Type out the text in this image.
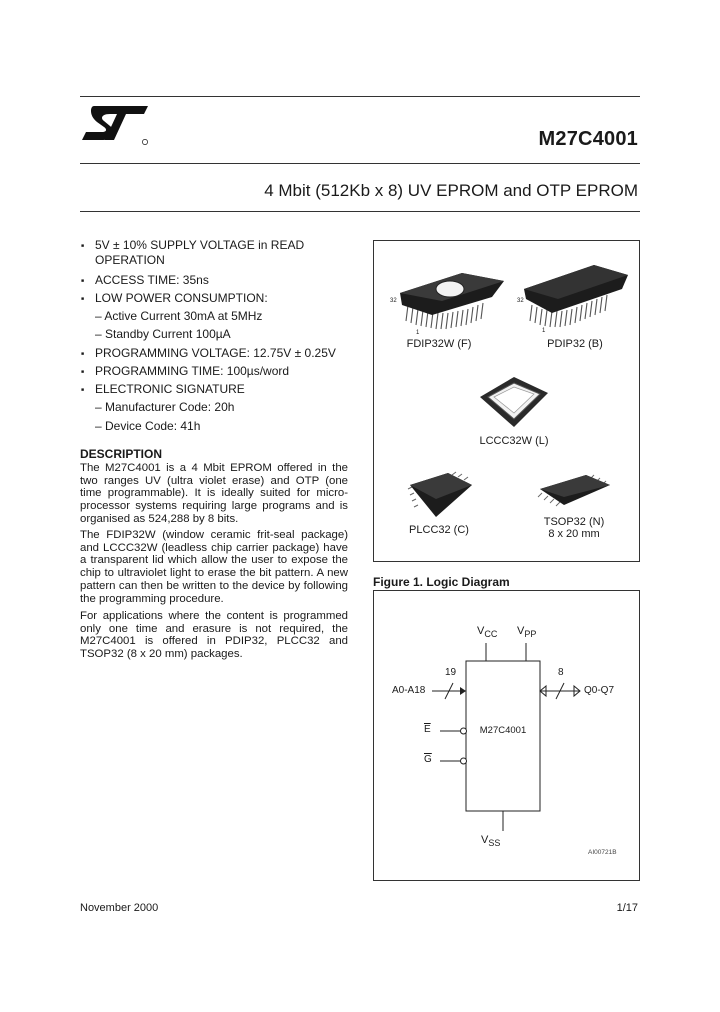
M27C4001
4 Mbit (512Kb x 8) UV EPROM and OTP EPROM
■ 5V ± 10% SUPPLY VOLTAGE in READ
OPERATION
■ ACCESS TIME: 35ns
■ LOW POWER CONSUMPTION:
– Active Current 30mA at 5MHz
– Standby Current 100µA
■ PROGRAMMING VOLTAGE: 12.75V ± 0.25V
■ PROGRAMMING TIME: 100µs/word
■ ELECTRONIC SIGNATURE
– Manufacturer Code: 20h
– Device Code: 41h
DESCRIPTION
The M27C4001 is a 4 Mbit EPROM offered in the two ranges UV (ultra violet erase) and OTP (one time programmable). It is ideally suited for micro-processor systems requiring large programs and is organised as 524,288 by 8 bits.
The FDIP32W (window ceramic frit-seal package) and LCCC32W (leadless chip carrier package) have a transparent lid which allow the user to expose the chip to ultraviolet light to erase the bit pattern. A new pattern can then be written to the device by following the programming procedure.
For applications where the content is programmed only one time and erasure is not required, the M27C4001 is offered in PDIP32, PLCC32 and TSOP32 (8 x 20 mm) packages.
32
1
FDIP32W (F)
32
1
PDIP32 (B)
LCCC32W (L)
PLCC32 (C)
TSOP32 (N)
8 x 20 mm
Figure 1. Logic Diagram
$V_{CC}$ $V_{PP}$
$V_{SS}$
19
A0-A18
8
Q0-Q7
$\overline{E}$
$\overline{G}$
M27C4001
AI00721B
November 2000	1/17
